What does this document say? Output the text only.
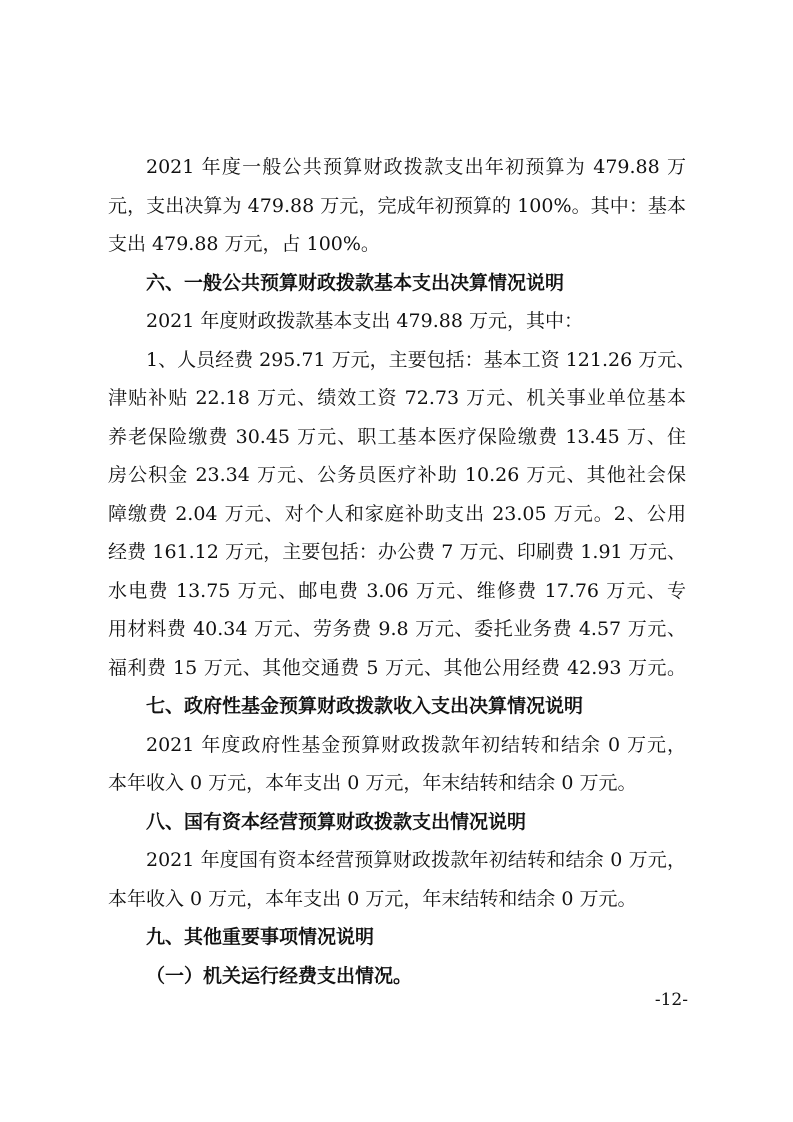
2021 年度一般公共预算财政拨款支出年初预算为 479.88 万
元，支出决算为 479.88 万元，完成年初预算的 100%。其中：基本
支出 479.88 万元，占 100%。
六、一般公共预算财政拨款基本支出决算情况说明
2021 年度财政拨款基本支出 479.88 万元，其中：
1、人员经费 295.71 万元，主要包括：基本工资 121.26 万元、
津贴补贴 22.18 万元、绩效工资 72.73 万元、机关事业单位基本
养老保险缴费 30.45 万元、职工基本医疗保险缴费 13.45 万、住
房公积金 23.34 万元、公务员医疗补助 10.26 万元、其他社会保
障缴费 2.04 万元、对个人和家庭补助支出 23.05 万元。2、公用
经费 161.12 万元，主要包括：办公费 7 万元、印刷费 1.91 万元、
水电费 13.75 万元、邮电费 3.06 万元、维修费 17.76 万元、专
用材料费 40.34 万元、劳务费 9.8 万元、委托业务费 4.57 万元、
福利费 15 万元、其他交通费 5 万元、其他公用经费 42.93 万元。
七、政府性基金预算财政拨款收入支出决算情况说明
2021 年度政府性基金预算财政拨款年初结转和结余 0 万元，
本年收入 0 万元，本年支出 0 万元，年末结转和结余 0 万元。
八、国有资本经营预算财政拨款支出情况说明
2021 年度国有资本经营预算财政拨款年初结转和结余 0 万元，
本年收入 0 万元，本年支出 0 万元，年末结转和结余 0 万元。
九、其他重要事项情况说明
（一）机关运行经费支出情况。
-12-
